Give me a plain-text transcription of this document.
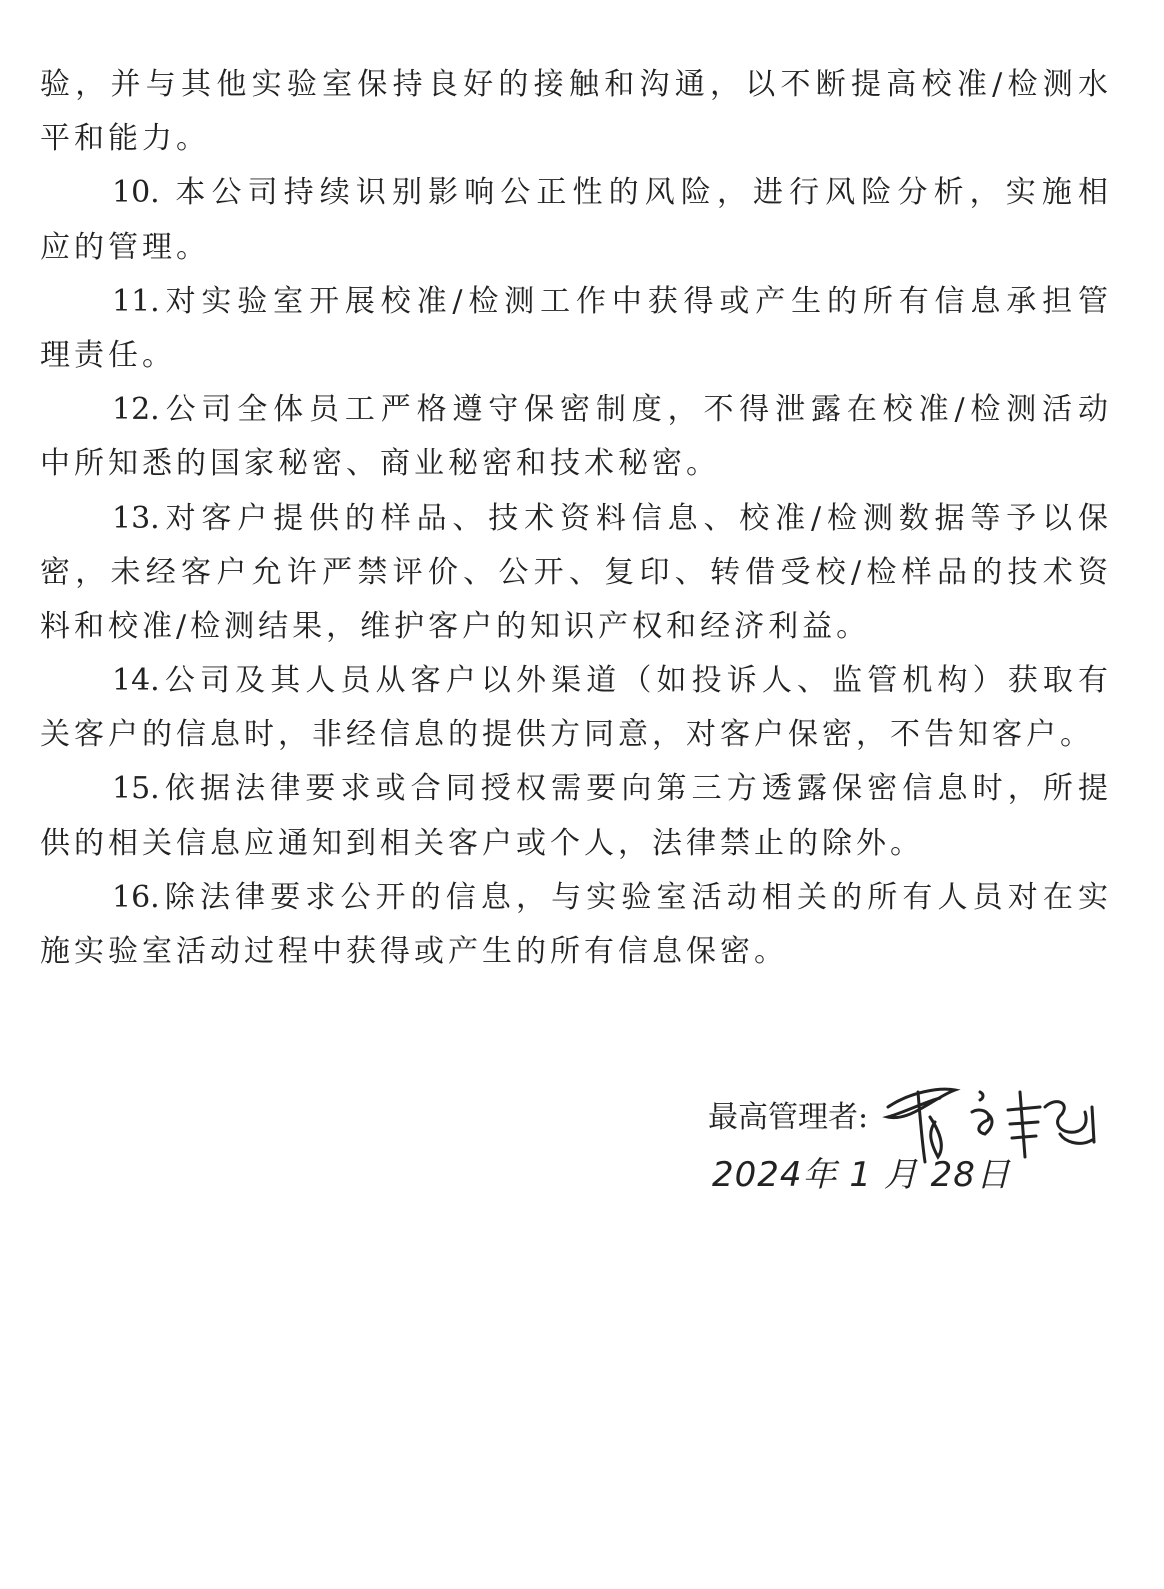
验，并与其他实验室保持良好的接触和沟通，以不断提高校准/检测水
平和能力。
10. 本公司持续识别影响公正性的风险，进行风险分析，实施相
应的管理。
11.对实验室开展校准/检测工作中获得或产生的所有信息承担管
理责任。
12.公司全体员工严格遵守保密制度，不得泄露在校准/检测活动
中所知悉的国家秘密、商业秘密和技术秘密。
13.对客户提供的样品、技术资料信息、校准/检测数据等予以保
密，未经客户允许严禁评价、公开、复印、转借受校/检样品的技术资
料和校准/检测结果，维护客户的知识产权和经济利益。
14.公司及其人员从客户以外渠道（如投诉人、监管机构）获取有
关客户的信息时，非经信息的提供方同意，对客户保密，不告知客户。
15.依据法律要求或合同授权需要向第三方透露保密信息时，所提
供的相关信息应通知到相关客户或个人，法律禁止的除外。
16.除法律要求公开的信息，与实验室活动相关的所有人员对在实
施实验室活动过程中获得或产生的所有信息保密。
最高管理者:
2024年 1 月 28日
